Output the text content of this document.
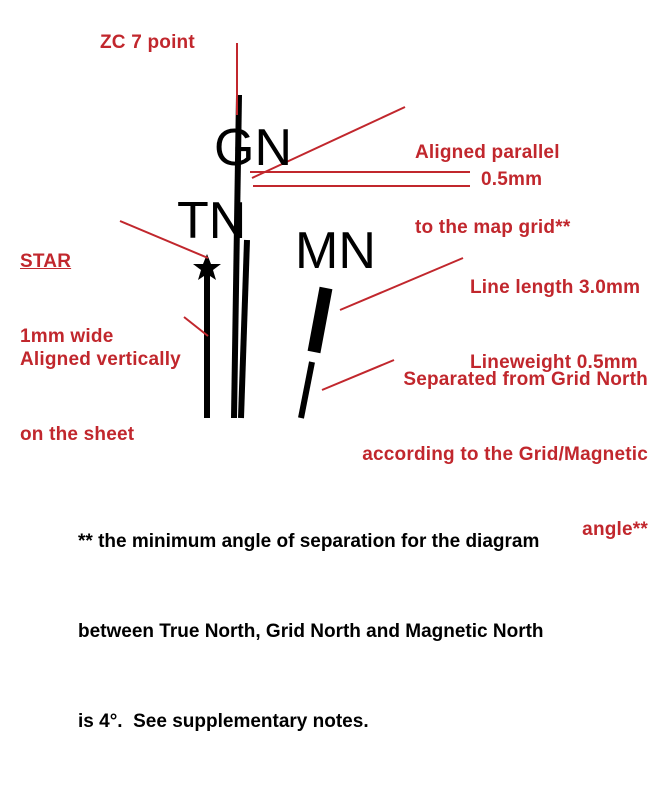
GN
TN
MN
ZC 7 point

Aligned parallel

to the map grid**

0.5mm

STAR

1mm wide

Line length 3.0mm

Lineweight 0.5mm

Aligned vertically

on the sheet

Separated from Grid North

according to the Grid/Magnetic

angle**

** the minimum angle of separation for the diagram

between True North, Grid North and Magnetic North

is 4°.  See supplementary notes.
